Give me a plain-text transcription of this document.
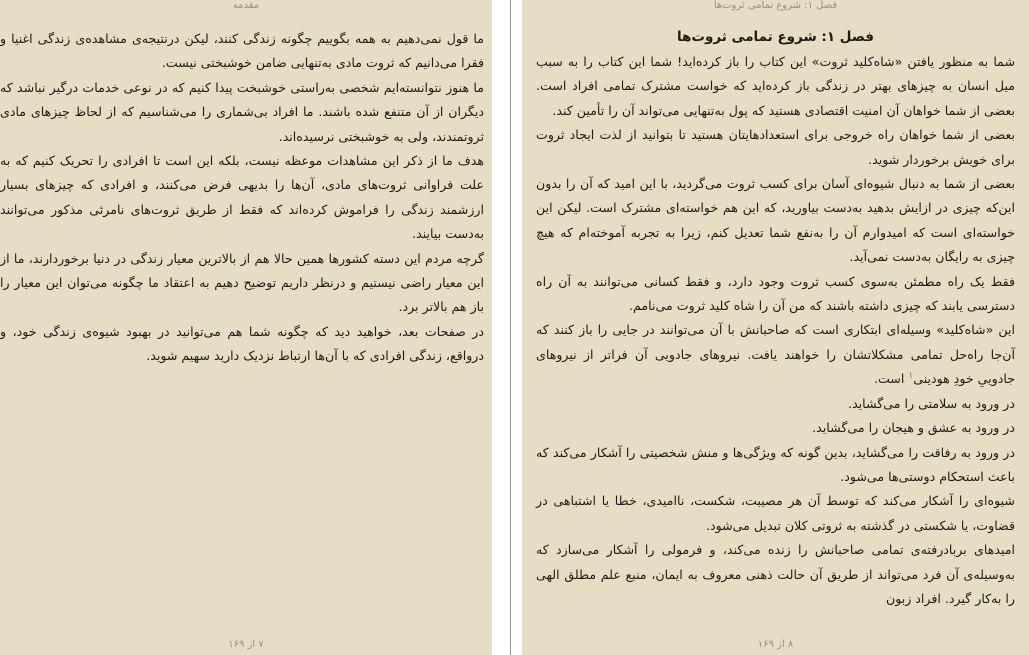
مقدمه

ما قول نمی‌دهیم به همه بگوییم چگونه زندگی کنند، لیکن درنتیجه‌ی مشاهده‌ی زندگی اغنیا و فقرا می‌دانیم که ثروت مادی به‌تنهایی ضامن خوشبختی نیست.

ما هنوز نتوانسته‌ایم شخصی به‌راستی خوشبخت پیدا کنیم که در نوعی خدمات درگیر نباشد که دیگران از آن متنفع شده باشند. ما افراد بی‌شماری را می‌شناسیم که از لحاظ چیزهای مادی ثروتمندند، ولی به خوشبختی نرسیده‌اند.

هدف ما از ذکر این مشاهدات موعظه نیست، بلکه این است تا افرادی را تحریک کنیم که به علت فراوانی ثروت‌های مادی، آن‌ها را بدیهی فرض می‌کنند، و افرادی که چیزهای بسیار ارزشمند زندگی را فراموش کرده‌اند که فقط از طریق ثروت‌های نامرئی مذکور می‌توانند به‌دست بیایند.

گرچه مردم این دسته کشورها همین حالا هم از بالاترین معیار زندگی در دنیا برخوردارند، ما از این معیار راضی نیستیم و درنظر داریم توضیح دهیم به اعتقاد ما چگونه می‌توان این معیار را باز هم بالاتر برد.

در صفحات بعد، خواهید دید که چگونه شما هم می‌توانید در بهبود شیوه‌ی زندگی خود، و درواقع، زندگی افرادی که با آن‌ها ارتباط نزدیک دارید سهیم شوید.

۷ از ۱۶۹
فصل ۱: شروع تمامی ثروت‌ها
فصل ۱: شروع تمامی ثروت‌ها

شما به منظور یافتن «شاه‌کلید ثروت» این کتاب را باز کرده‌اید! شما این کتاب را به سبب میل انسان به چیزهای بهتر در زندگی باز کرده‌اید که خواست مشترک تمامی افراد است. بعضی از شما خواهان آن امنیت اقتصادی هستید که پول به‌تنهایی می‌تواند آن را تأمین کند.

بعضی از شما خواهان راه خروجی برای استعدادهایتان هستید تا بتوانید از لذت ایجاد ثروت برای خویش برخوردار شوید.

بعضی از شما به دنبال شیوه‌ای آسان برای کسب ثروت می‌گردید، با این امید که آن را بدون این‌که چیزی در ازایش بدهید به‌دست بیاورید، که این هم خواسته‌ای مشترک است. لیکن این خواسته‌ای است که امیدوارم آن را به‌نفع شما تعدیل کنم، زیرا به تجربه آموخته‌ام که هیچ چیزی به رایگان به‌دست نمی‌آید.

فقط یک راه مطمئن به‌سوی کسب ثروت وجود دارد، و فقط کسانی می‌توانند به آن راه دسترسی یابند که چیزی داشته باشند که من آن را شاه کلید ثروت می‌نامم.

این «شاه‌کلید» وسیله‌ای ابتکاری است که صاحبانش با آن می‌توانند در جایی را باز کنند که آن‌جا راه‌حل تمامی مشکلاتشان را خواهند یافت. نیروهای جادویی آن فراتر از نیروهای جادوییِ خودِ هودینی$^۱$ است.

در ورود به سلامتی را می‌گشاید.

در ورود به عشق و هیجان را می‌گشاید.

در ورود به رفاقت را می‌گشاید، بدین گونه که ویژگی‌ها و منش شخصیتی را آشکار می‌کند که باعث استحکام دوستی‌ها می‌شود.

شیوه‌ای را آشکار می‌کند که توسط آن هر مصیبت، شکست، ناامیدی، خطا یا اشتباهی در قضاوت، یا شکستی در گذشته به ثروتی کلان تبدیل می‌شود.

امیدهای بربادرفته‌ی تمامی صاحبانش را زنده می‌کند، و فرمولی را آشکار می‌سازد که به‌وسیله‌ی آن فرد می‌تواند از طریق آن حالت ذهنی معروف به ایمان، منبع علم مطلق الهی را به‌کار گیرد. افراد زبون

۸ از ۱۶۹
